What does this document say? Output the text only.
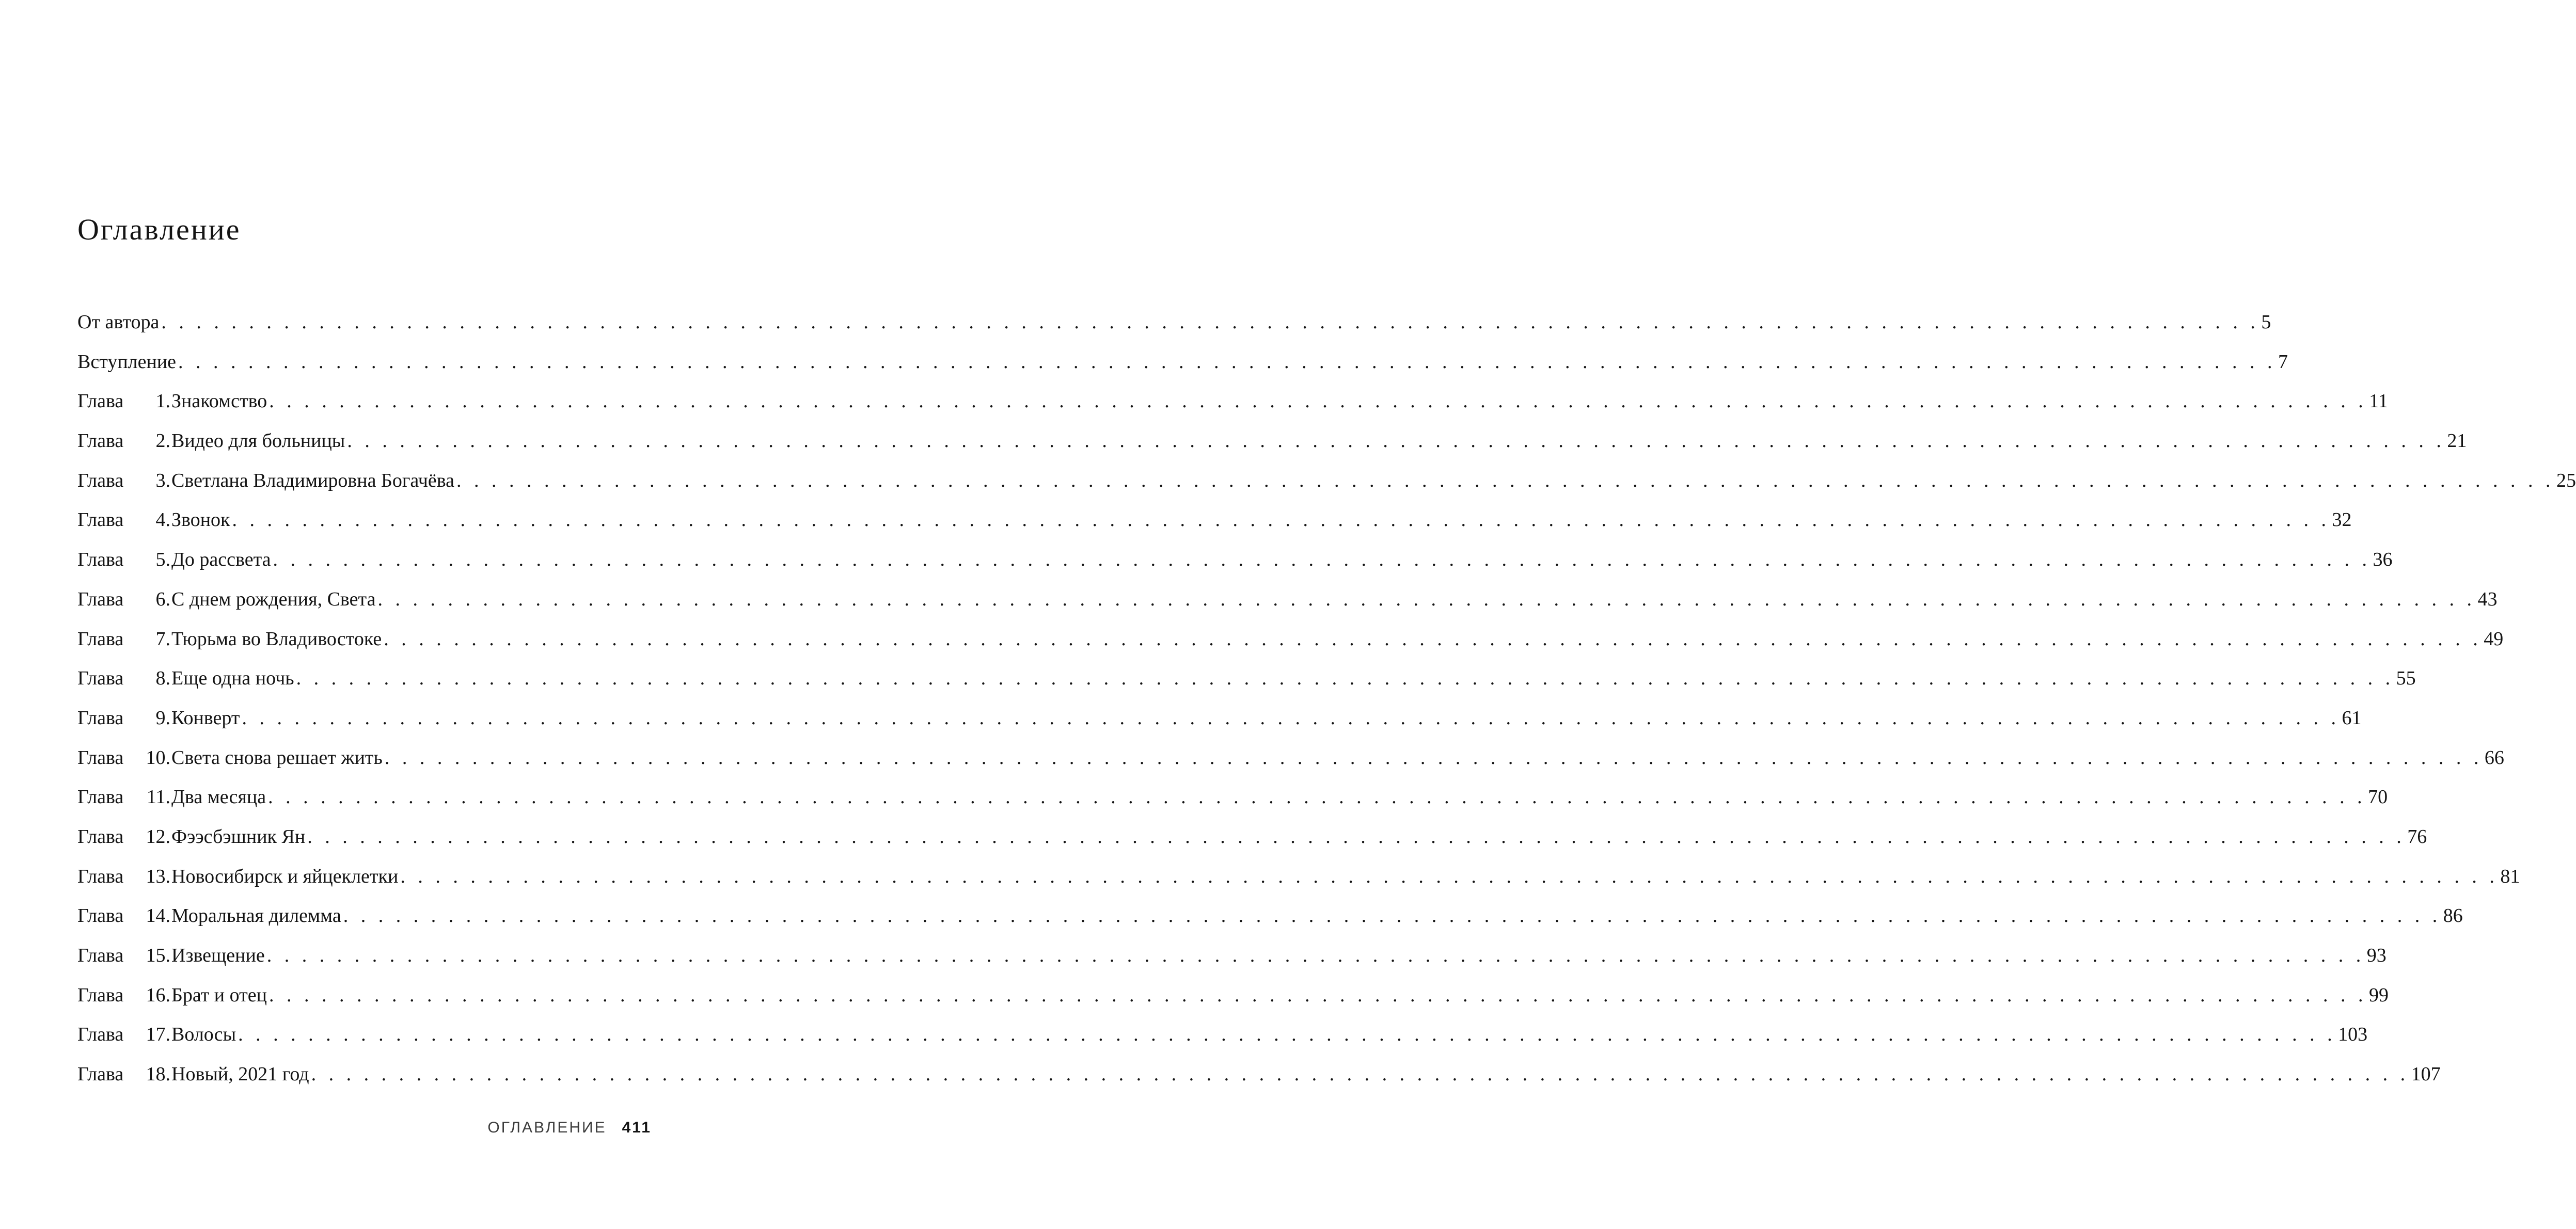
Оглавление
От автора . . . . . . . . . . . . . . . . . . . . . . . . . . . . . . . . . . . . . . . . . . . . . . . . . . . . . . . . . . . . . . . . . . . . . . . . . . . . . . . . . . . . . . . . . . . . . . . . . . . . . . . . . . . . . . . . . . . . . . . . 5
Вступление . . . . . . . . . . . . . . . . . . . . . . . . . . . . . . . . . . . . . . . . . . . . . . . . . . . . . . . . . . . . . . . . . . . . . . . . . . . . . . . . . . . . . . . . . . . . . . . . . . . . . . . . . . . . . . . . . . . . . . . . 7
Глава	1. Знакомство . . . . . . . . . . . . . . . . . . . . . . . . . . . . . . . . . . . . . . . . . . . . . . . . . . . . . . . . . . . . . . . . . . . . . . . . . . . . . . . . . . . . . . . . . . . . . . . . . . . . . . . . . . . . . . . . . . . . . . . . 11
Глава	2. Видео для больницы . . . . . . . . . . . . . . . . . . . . . . . . . . . . . . . . . . . . . . . . . . . . . . . . . . . . . . . . . . . . . . . . . . . . . . . . . . . . . . . . . . . . . . . . . . . . . . . . . . . . . . . . . . . . . . . . . . . . . . . . 21
Глава	3. Светлана Владимировна Богачёва . . . . . . . . . . . . . . . . . . . . . . . . . . . . . . . . . . . . . . . . . . . . . . . . . . . . . . . . . . . . . . . . . . . . . . . . . . . . . . . . . . . . . . . . . . . . . . . . . . . . . . . . . . . . . . . . . . . . . . . . 25
Глава	4. Звонок . . . . . . . . . . . . . . . . . . . . . . . . . . . . . . . . . . . . . . . . . . . . . . . . . . . . . . . . . . . . . . . . . . . . . . . . . . . . . . . . . . . . . . . . . . . . . . . . . . . . . . . . . . . . . . . . . . . . . . . . 32
Глава	5. До рассвета . . . . . . . . . . . . . . . . . . . . . . . . . . . . . . . . . . . . . . . . . . . . . . . . . . . . . . . . . . . . . . . . . . . . . . . . . . . . . . . . . . . . . . . . . . . . . . . . . . . . . . . . . . . . . . . . . . . . . . . . 36
Глава	6. С днем рождения, Света . . . . . . . . . . . . . . . . . . . . . . . . . . . . . . . . . . . . . . . . . . . . . . . . . . . . . . . . . . . . . . . . . . . . . . . . . . . . . . . . . . . . . . . . . . . . . . . . . . . . . . . . . . . . . . . . . . . . . . . . 43
Глава	7. Тюрьма во Владивостоке . . . . . . . . . . . . . . . . . . . . . . . . . . . . . . . . . . . . . . . . . . . . . . . . . . . . . . . . . . . . . . . . . . . . . . . . . . . . . . . . . . . . . . . . . . . . . . . . . . . . . . . . . . . . . . . . . . . . . . . . 49
Глава	8. Еще одна ночь . . . . . . . . . . . . . . . . . . . . . . . . . . . . . . . . . . . . . . . . . . . . . . . . . . . . . . . . . . . . . . . . . . . . . . . . . . . . . . . . . . . . . . . . . . . . . . . . . . . . . . . . . . . . . . . . . . . . . . . . 55
Глава	9. Конверт . . . . . . . . . . . . . . . . . . . . . . . . . . . . . . . . . . . . . . . . . . . . . . . . . . . . . . . . . . . . . . . . . . . . . . . . . . . . . . . . . . . . . . . . . . . . . . . . . . . . . . . . . . . . . . . . . . . . . . . . 61
Глава	10. Света снова решает жить . . . . . . . . . . . . . . . . . . . . . . . . . . . . . . . . . . . . . . . . . . . . . . . . . . . . . . . . . . . . . . . . . . . . . . . . . . . . . . . . . . . . . . . . . . . . . . . . . . . . . . . . . . . . . . . . . . . . . . . . 66
Глава	11. Два месяца . . . . . . . . . . . . . . . . . . . . . . . . . . . . . . . . . . . . . . . . . . . . . . . . . . . . . . . . . . . . . . . . . . . . . . . . . . . . . . . . . . . . . . . . . . . . . . . . . . . . . . . . . . . . . . . . . . . . . . . . 70
Глава	12. Фээсбэшник Ян . . . . . . . . . . . . . . . . . . . . . . . . . . . . . . . . . . . . . . . . . . . . . . . . . . . . . . . . . . . . . . . . . . . . . . . . . . . . . . . . . . . . . . . . . . . . . . . . . . . . . . . . . . . . . . . . . . . . . . . . 76
Глава	13. Новосибирск и яйцеклетки . . . . . . . . . . . . . . . . . . . . . . . . . . . . . . . . . . . . . . . . . . . . . . . . . . . . . . . . . . . . . . . . . . . . . . . . . . . . . . . . . . . . . . . . . . . . . . . . . . . . . . . . . . . . . . . . . . . . . . . . 81
Глава	14. Моральная дилемма . . . . . . . . . . . . . . . . . . . . . . . . . . . . . . . . . . . . . . . . . . . . . . . . . . . . . . . . . . . . . . . . . . . . . . . . . . . . . . . . . . . . . . . . . . . . . . . . . . . . . . . . . . . . . . . . . . . . . . . . 86
Глава	15. Извещение . . . . . . . . . . . . . . . . . . . . . . . . . . . . . . . . . . . . . . . . . . . . . . . . . . . . . . . . . . . . . . . . . . . . . . . . . . . . . . . . . . . . . . . . . . . . . . . . . . . . . . . . . . . . . . . . . . . . . . . . 93
Глава	16. Брат и отец . . . . . . . . . . . . . . . . . . . . . . . . . . . . . . . . . . . . . . . . . . . . . . . . . . . . . . . . . . . . . . . . . . . . . . . . . . . . . . . . . . . . . . . . . . . . . . . . . . . . . . . . . . . . . . . . . . . . . . . . 99
Глава	17. Волосы . . . . . . . . . . . . . . . . . . . . . . . . . . . . . . . . . . . . . . . . . . . . . . . . . . . . . . . . . . . . . . . . . . . . . . . . . . . . . . . . . . . . . . . . . . . . . . . . . . . . . . . . . . . . . . . . . . . . . . . . 103
Глава	18. Новый, 2021 год . . . . . . . . . . . . . . . . . . . . . . . . . . . . . . . . . . . . . . . . . . . . . . . . . . . . . . . . . . . . . . . . . . . . . . . . . . . . . . . . . . . . . . . . . . . . . . . . . . . . . . . . . . . . . . . . . . . . . . . . 107
ОГЛАВЛЕНИЕ 411
